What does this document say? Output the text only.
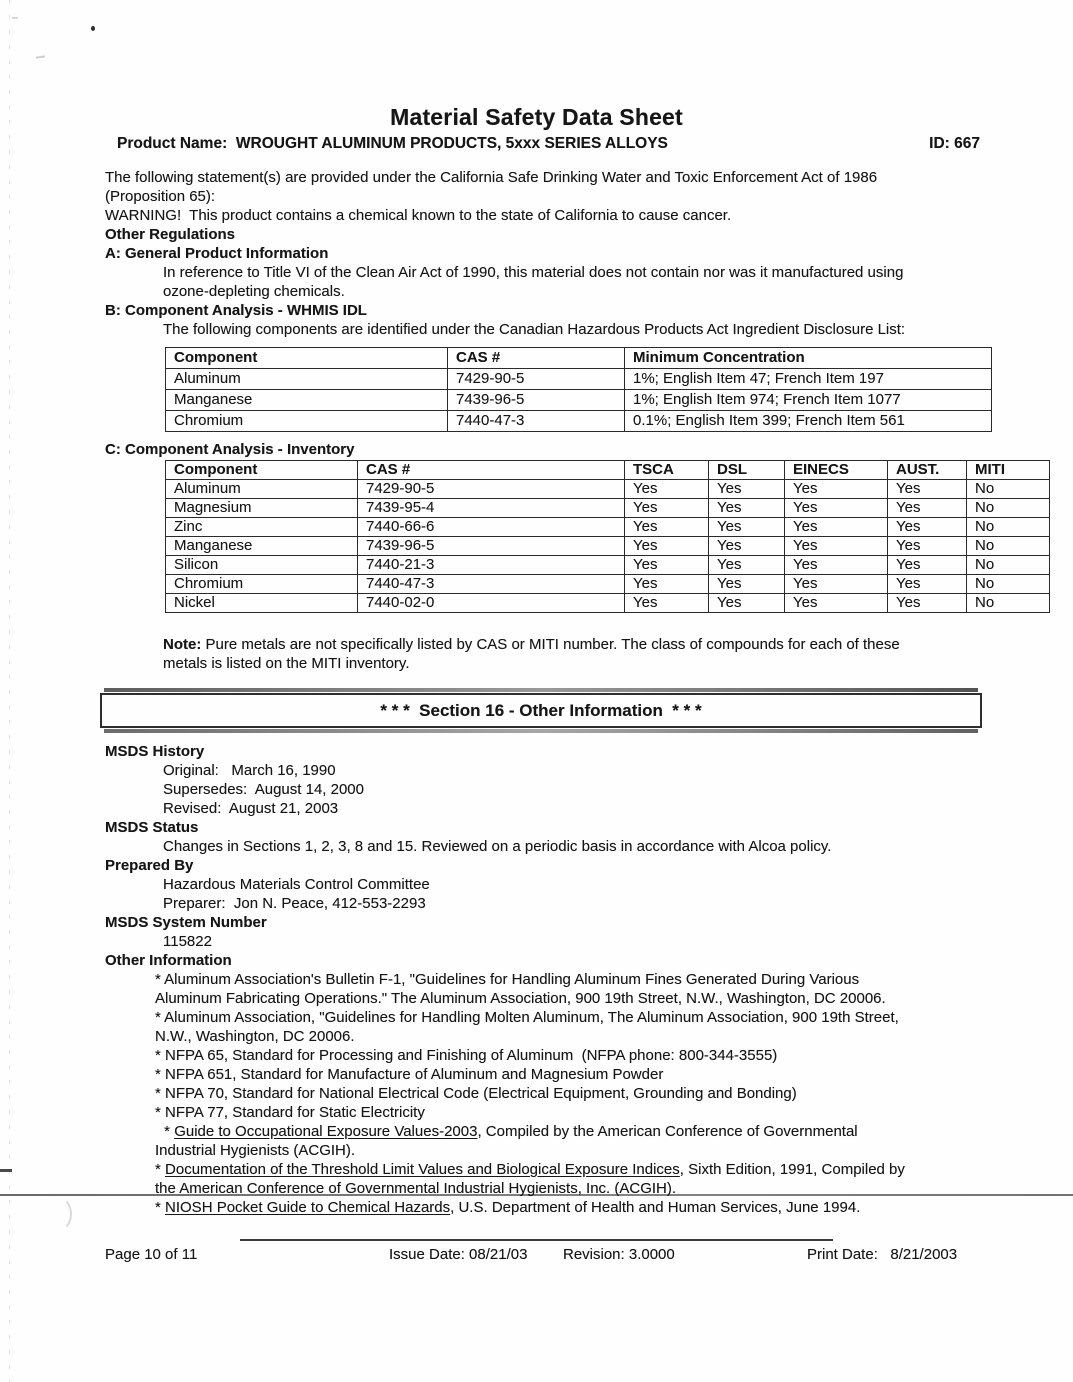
Material Safety Data Sheet
Product Name: WROUGHT ALUMINUM PRODUCTS, 5xxx SERIES ALLOYS	ID: 667
The following statement(s) are provided under the California Safe Drinking Water and Toxic Enforcement Act of 1986
(Proposition 65):
WARNING!  This product contains a chemical known to the state of California to cause cancer.
Other Regulations
A: General Product Information
In reference to Title VI of the Clean Air Act of 1990, this material does not contain nor was it manufactured using
ozone-depleting chemicals.
B: Component Analysis - WHMIS IDL
The following components are identified under the Canadian Hazardous Products Act Ingredient Disclosure List:
Component	CAS #	Minimum Concentration
Aluminum	7429-90-5	1%; English Item 47; French Item 197
Manganese	7439-96-5	1%; English Item 974; French Item 1077
Chromium	7440-47-3	0.1%; English Item 399; French Item 561
C: Component Analysis - Inventory
Component	CAS #	TSCA	DSL	EINECS	AUST.	MITI
Aluminum	7429-90-5	Yes	Yes	Yes	Yes	No
Magnesium	7439-95-4	Yes	Yes	Yes	Yes	No
Zinc	7440-66-6	Yes	Yes	Yes	Yes	No
Manganese	7439-96-5	Yes	Yes	Yes	Yes	No
Silicon	7440-21-3	Yes	Yes	Yes	Yes	No
Chromium	7440-47-3	Yes	Yes	Yes	Yes	No
Nickel	7440-02-0	Yes	Yes	Yes	Yes	No
Note: Pure metals are not specifically listed by CAS or MITI number. The class of compounds for each of these
metals is listed on the MITI inventory.
* * *  Section 16 - Other Information  * * *
MSDS History
Original:   March 16, 1990
Supersedes:  August 14, 2000
Revised:  August 21, 2003
MSDS Status
Changes in Sections 1, 2, 3, 8 and 15. Reviewed on a periodic basis in accordance with Alcoa policy.
Prepared By
Hazardous Materials Control Committee
Preparer:  Jon N. Peace, 412-553-2293
MSDS System Number
115822
Other Information
* Aluminum Association's Bulletin F-1, "Guidelines for Handling Aluminum Fines Generated During Various
Aluminum Fabricating Operations." The Aluminum Association, 900 19th Street, N.W., Washington, DC 20006.
* Aluminum Association, "Guidelines for Handling Molten Aluminum, The Aluminum Association, 900 19th Street,
N.W., Washington, DC 20006.
* NFPA 65, Standard for Processing and Finishing of Aluminum  (NFPA phone: 800-344-3555)
* NFPA 651, Standard for Manufacture of Aluminum and Magnesium Powder
* NFPA 70, Standard for National Electrical Code (Electrical Equipment, Grounding and Bonding)
* NFPA 77, Standard for Static Electricity
* Guide to Occupational Exposure Values-2003, Compiled by the American Conference of Governmental
Industrial Hygienists (ACGIH).
* Documentation of the Threshold Limit Values and Biological Exposure Indices, Sixth Edition, 1991, Compiled by
the American Conference of Governmental Industrial Hygienists, Inc. (ACGIH).
* NIOSH Pocket Guide to Chemical Hazards, U.S. Department of Health and Human Services, June 1994.
Page 10 of 11	Issue Date: 08/21/03 Revision: 3.0000	Print Date:   8/21/2003
